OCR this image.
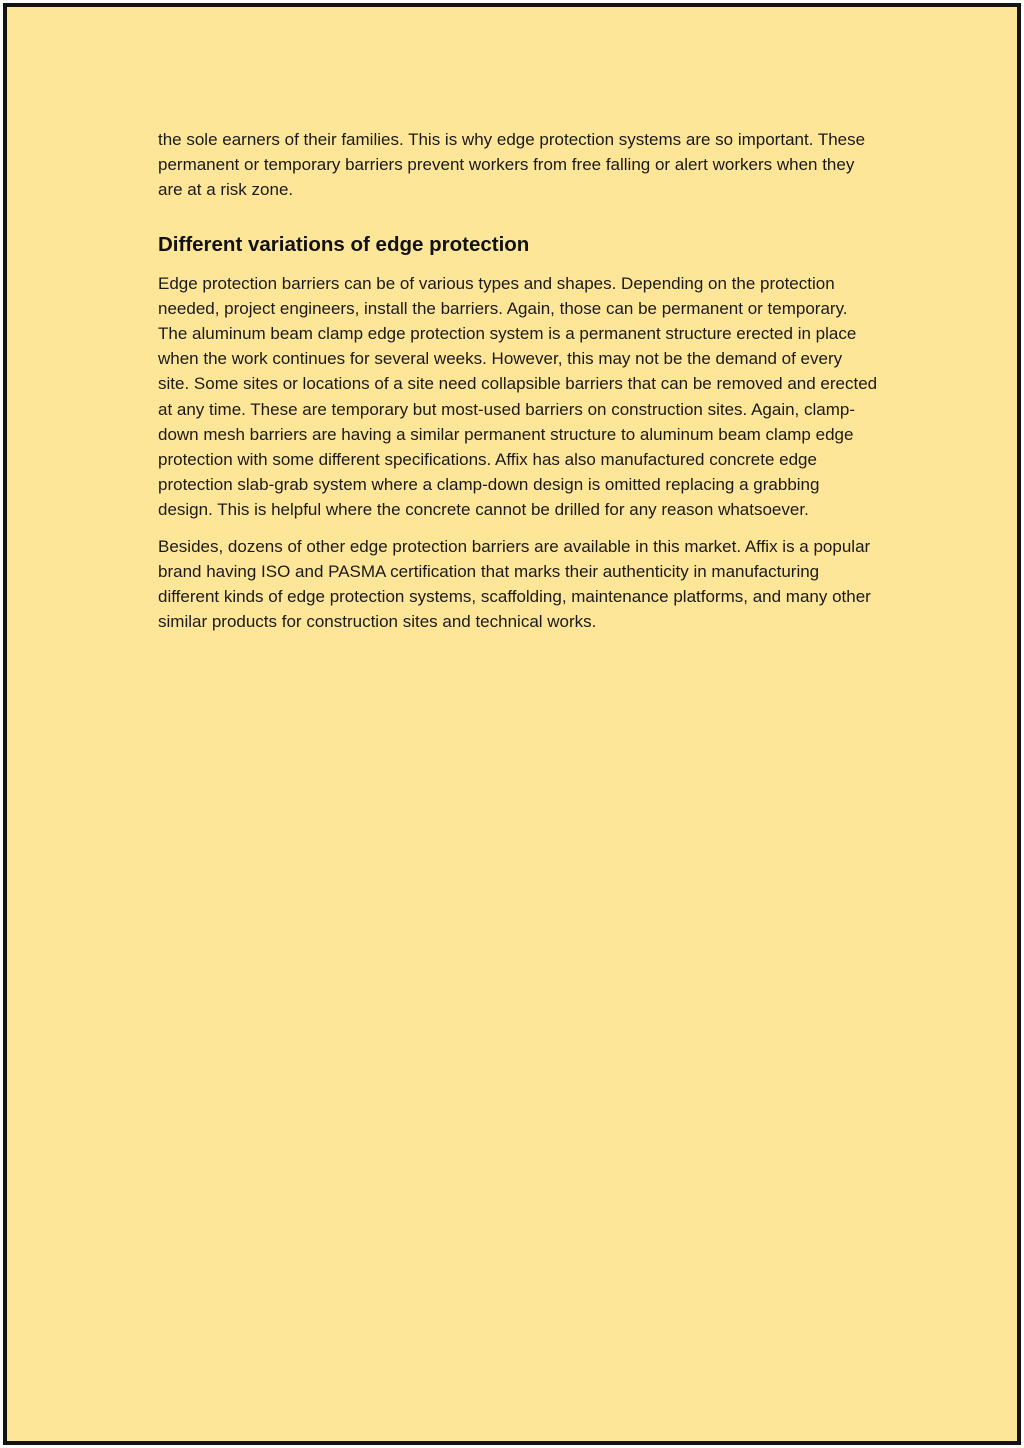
the sole earners of their families. This is why edge protection systems are so important. These permanent or temporary barriers prevent workers from free falling or alert workers when they are at a risk zone.

Different variations of edge protection

Edge protection barriers can be of various types and shapes. Depending on the protection needed, project engineers, install the barriers. Again, those can be permanent or temporary. The aluminum beam clamp edge protection system is a permanent structure erected in place when the work continues for several weeks. However, this may not be the demand of every site. Some sites or locations of a site need collapsible barriers that can be removed and erected at any time. These are temporary but most-used barriers on construction sites. Again, clamp-down mesh barriers are having a similar permanent structure to aluminum beam clamp edge protection with some different specifications. Affix has also manufactured concrete edge protection slab-grab system where a clamp-down design is omitted replacing a grabbing design. This is helpful where the concrete cannot be drilled for any reason whatsoever.

Besides, dozens of other edge protection barriers are available in this market. Affix is a popular brand having ISO and PASMA certification that marks their authenticity in manufacturing different kinds of edge protection systems, scaffolding, maintenance platforms, and many other similar products for construction sites and technical works.
